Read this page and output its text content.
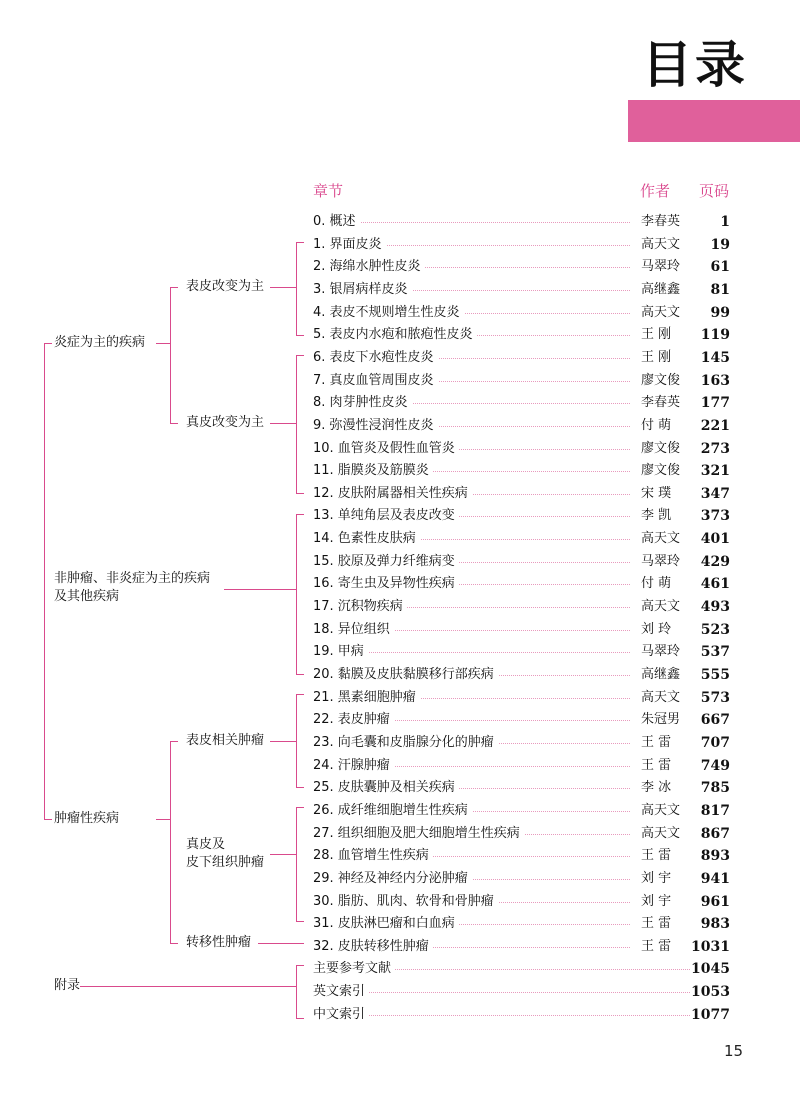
目录
章节	作者 页码
炎症为主的疾病
表皮改变为主
真皮改变为主
非肿瘤、非炎症为主的疾病
及其他疾病
肿瘤性疾病
表皮相关肿瘤
真皮及
皮下组织肿瘤
转移性肿瘤
附录
0. 概述	李春英	1
1. 界面皮炎	高天文 19
2. 海绵水肿性皮炎	马翠玲 61
3. 银屑病样皮炎	高继鑫 81
4. 表皮不规则增生性皮炎	高天文 99
5. 表皮内水疱和脓疱性皮炎	王 刚 119
6. 表皮下水疱性皮炎	王 刚 145
7. 真皮血管周围皮炎	廖文俊 163
8. 肉芽肿性皮炎	李春英 177
9. 弥漫性浸润性皮炎	付 萌 221
10. 血管炎及假性血管炎	廖文俊 273
11. 脂膜炎及筋膜炎	廖文俊 321
12. 皮肤附属器相关性疾病	宋 璞 347
13. 单纯角层及表皮改变	李 凯 373
14. 色素性皮肤病	高天文 401
15. 胶原及弹力纤维病变	马翠玲 429
16. 寄生虫及异物性疾病	付 萌 461
17. 沉积物疾病	高天文 493
18. 异位组织	刘 玲 523
19. 甲病	马翠玲 537
20. 黏膜及皮肤黏膜移行部疾病	高继鑫 555
21. 黑素细胞肿瘤	高天文 573
22. 表皮肿瘤	朱冠男 667
23. 向毛囊和皮脂腺分化的肿瘤	王 雷 707
24. 汗腺肿瘤	王 雷 749
25. 皮肤囊肿及相关疾病	李 冰 785
26. 成纤维细胞增生性疾病	高天文 817
27. 组织细胞及肥大细胞增生性疾病	高天文 867
28. 血管增生性疾病	王 雷 893
29. 神经及神经内分泌肿瘤	刘 宇 941
30. 脂肪、肌肉、软骨和骨肿瘤	刘 宇 961
31. 皮肤淋巴瘤和白血病	王 雷 983
32. 皮肤转移性肿瘤	王 雷 1031
主要参考文献	1045
英文索引	1053
中文索引	1077
15
